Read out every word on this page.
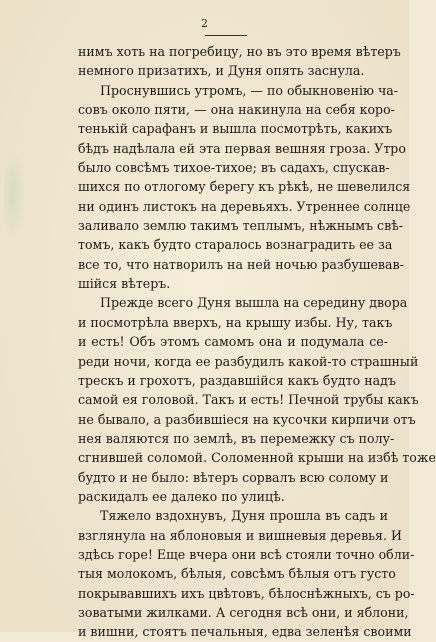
2
нимъ хоть на погребицу, но въ это время вѣтеръ
немного призатихъ, и Дуня опять заснула.
Проснувшись утромъ, — по обыкновенію ча-
совъ около пяти, — она накинула на себя коро-
тенькій сарафанъ и вышла посмотрѣть, какихъ
бѣдъ надѣлала ей эта первая вешняя гроза. Утро
было совсѣмъ тихое-тихое; въ садахъ, спускав-
шихся по отлогому берегу къ рѣкѣ, не шевелился
ни одинъ листокъ на деревьяхъ. Утреннее солнце
заливало землю такимъ теплымъ, нѣжнымъ свѣ-
томъ, какъ будто старалось вознаградить ее за
все то, что натворилъ на ней ночью разбушевав-
шійся вѣтеръ.
Прежде всего Дуня вышла на середину двора
и посмотрѣла вверхъ, на крышу избы. Ну, такъ
и есть! Объ этомъ самомъ она и подумала се-
реди ночи, когда ее разбудилъ какой-то страшный
трескъ и грохотъ, раздавшійся какъ будто надъ
самой ея головой. Такъ и есть! Печной трубы какъ
не бывало, а разбившіеся на кусочки кирпичи отъ
нея валяются по землѣ, въ перемежку съ полу-
сгнившей соломой. Соломенной крыши на избѣ тоже
будто и не было: вѣтеръ сорвалъ всю солому и
раскидалъ ее далеко по улицѣ.
Тяжело вздохнувъ, Дуня прошла въ садъ и
взглянула на яблоновыя и вишневыя деревья. И
здѣсь горе! Еще вчера они всѣ стояли точно обли-
тыя молокомъ, бѣлыя, совсѣмъ бѣлыя отъ густо
покрывавшихъ ихъ цвѣтовъ, бѣлоснѣжныхъ, съ ро-
зоватыми жилками. А сегодня всѣ они, и яблони,
и вишни, стоятъ печальныя, едва зеленѣя своими
